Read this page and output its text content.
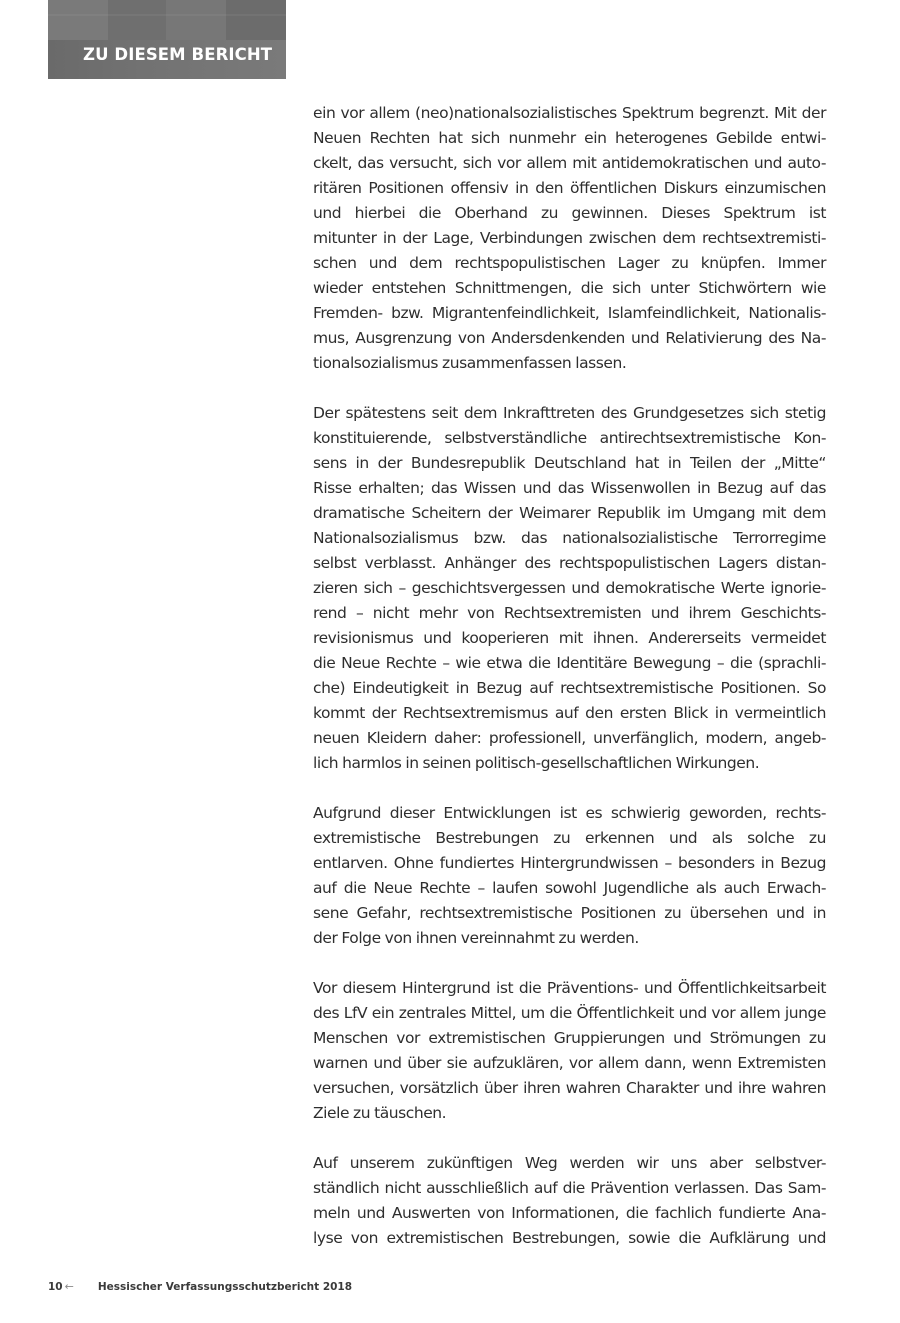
ZU DIESEM BERICHT

ein vor allem (neo)nationalsozialistisches Spektrum begrenzt. Mit der
Neuen Rechten hat sich nunmehr ein heterogenes Gebilde entwi-
ckelt, das versucht, sich vor allem mit antidemokratischen und auto-
ritären Positionen offensiv in den öffentlichen Diskurs einzumischen
und hierbei die Oberhand zu gewinnen. Dieses Spektrum ist
mitunter in der Lage, Verbindungen zwischen dem rechtsextremisti-
schen und dem rechtspopulistischen Lager zu knüpfen. Immer
wieder entstehen Schnittmengen, die sich unter Stichwörtern wie
Fremden- bzw. Migrantenfeindlichkeit, Islamfeindlichkeit, Nationalis-
mus, Ausgrenzung von Andersdenkenden und Relativierung des Na-
tionalsozialismus zusammenfassen lassen.

Der spätestens seit dem Inkrafttreten des Grundgesetzes sich stetig
konstituierende, selbstverständliche antirechtsextremistische Kon-
sens in der Bundesrepublik Deutschland hat in Teilen der „Mitte“
Risse erhalten; das Wissen und das Wissenwollen in Bezug auf das
dramatische Scheitern der Weimarer Republik im Umgang mit dem
Nationalsozialismus bzw. das nationalsozialistische Terrorregime
selbst verblasst. Anhänger des rechtspopulistischen Lagers distan-
zieren sich – geschichtsvergessen und demokratische Werte ignorie-
rend – nicht mehr von Rechtsextremisten und ihrem Geschichts-
revisionismus und kooperieren mit ihnen. Andererseits vermeidet
die Neue Rechte – wie etwa die Identitäre Bewegung – die (sprachli-
che) Eindeutigkeit in Bezug auf rechtsextremistische Positionen. So
kommt der Rechtsextremismus auf den ersten Blick in vermeintlich
neuen Kleidern daher: professionell, unverfänglich, modern, angeb-
lich harmlos in seinen politisch-gesellschaftlichen Wirkungen.

Aufgrund dieser Entwicklungen ist es schwierig geworden, rechts-
extremistische Bestrebungen zu erkennen und als solche zu
entlarven. Ohne fundiertes Hintergrundwissen – besonders in Bezug
auf die Neue Rechte – laufen sowohl Jugendliche als auch Erwach-
sene Gefahr, rechtsextremistische Positionen zu übersehen und in
der Folge von ihnen vereinnahmt zu werden.

Vor diesem Hintergrund ist die Präventions- und Öffentlichkeitsarbeit
des LfV ein zentrales Mittel, um die Öffentlichkeit und vor allem junge
Menschen vor extremistischen Gruppierungen und Strömungen zu
warnen und über sie aufzuklären, vor allem dann, wenn Extremisten
versuchen, vorsätzlich über ihren wahren Charakter und ihre wahren
Ziele zu täuschen.

Auf unserem zukünftigen Weg werden wir uns aber selbstver-
ständlich nicht ausschließlich auf die Prävention verlassen. Das Sam-
meln und Auswerten von Informationen, die fachlich fundierte Ana-
lyse von extremistischen Bestrebungen, sowie die Aufklärung und

10 ← Hessischer Verfassungsschutzbericht 2018
